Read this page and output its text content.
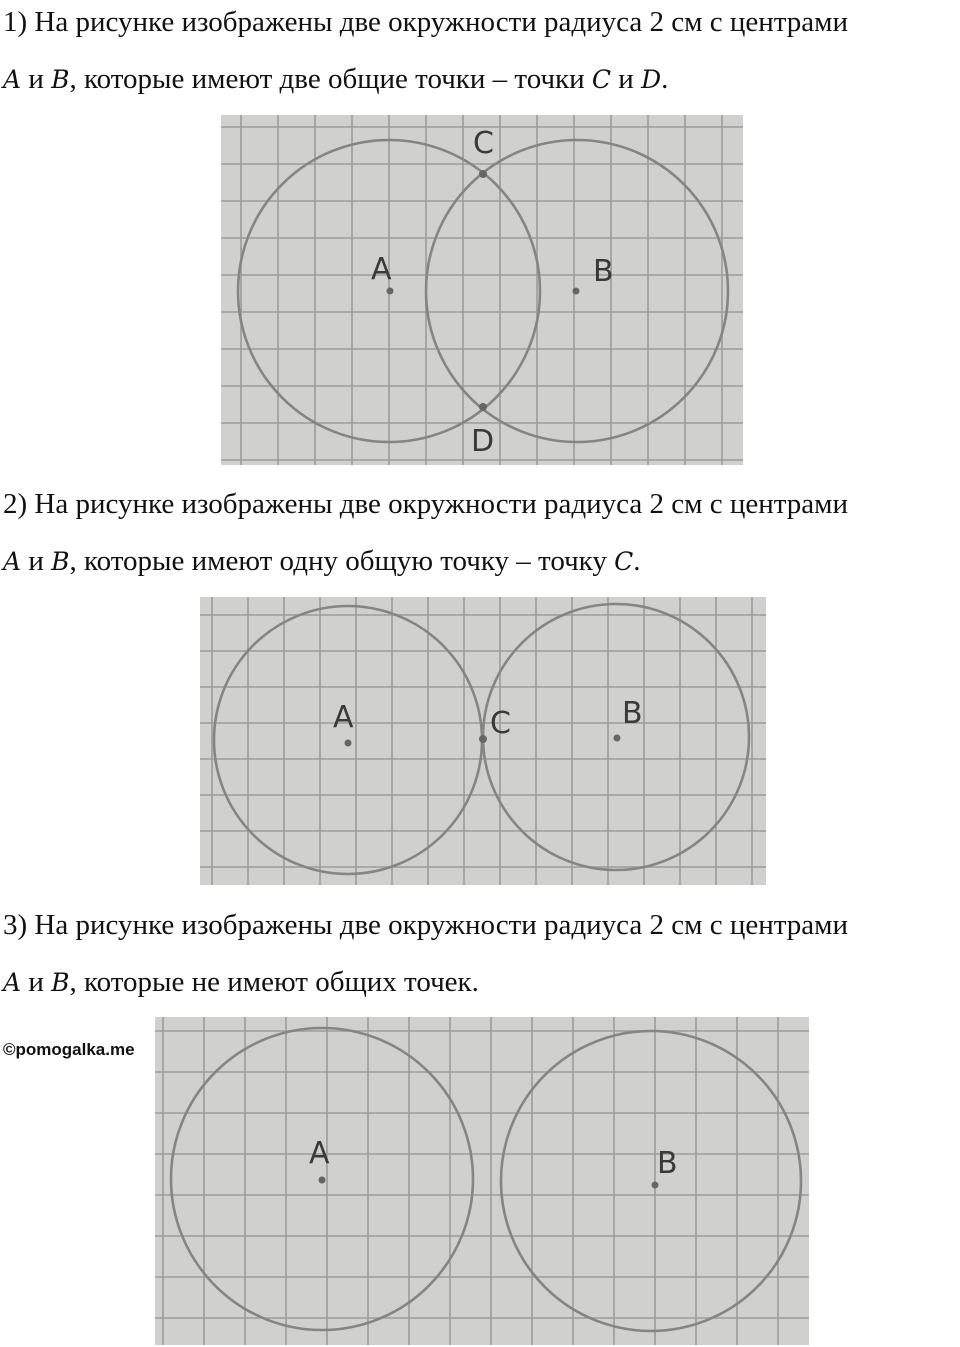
1) На рисунке изображены две окружности радиуса 2 см с центрами
A и B, которые имеют две общие точки – точки C и D.
A	B
C
D
2) На рисунке изображены две окружности радиуса 2 см с центрами
A и B, которые имеют одну общую точку – точку C.
A	B
C
3) На рисунке изображены две окружности радиуса 2 см с центрами
A и B, которые не имеют общих точек.
A	B
©pomogalka.me
